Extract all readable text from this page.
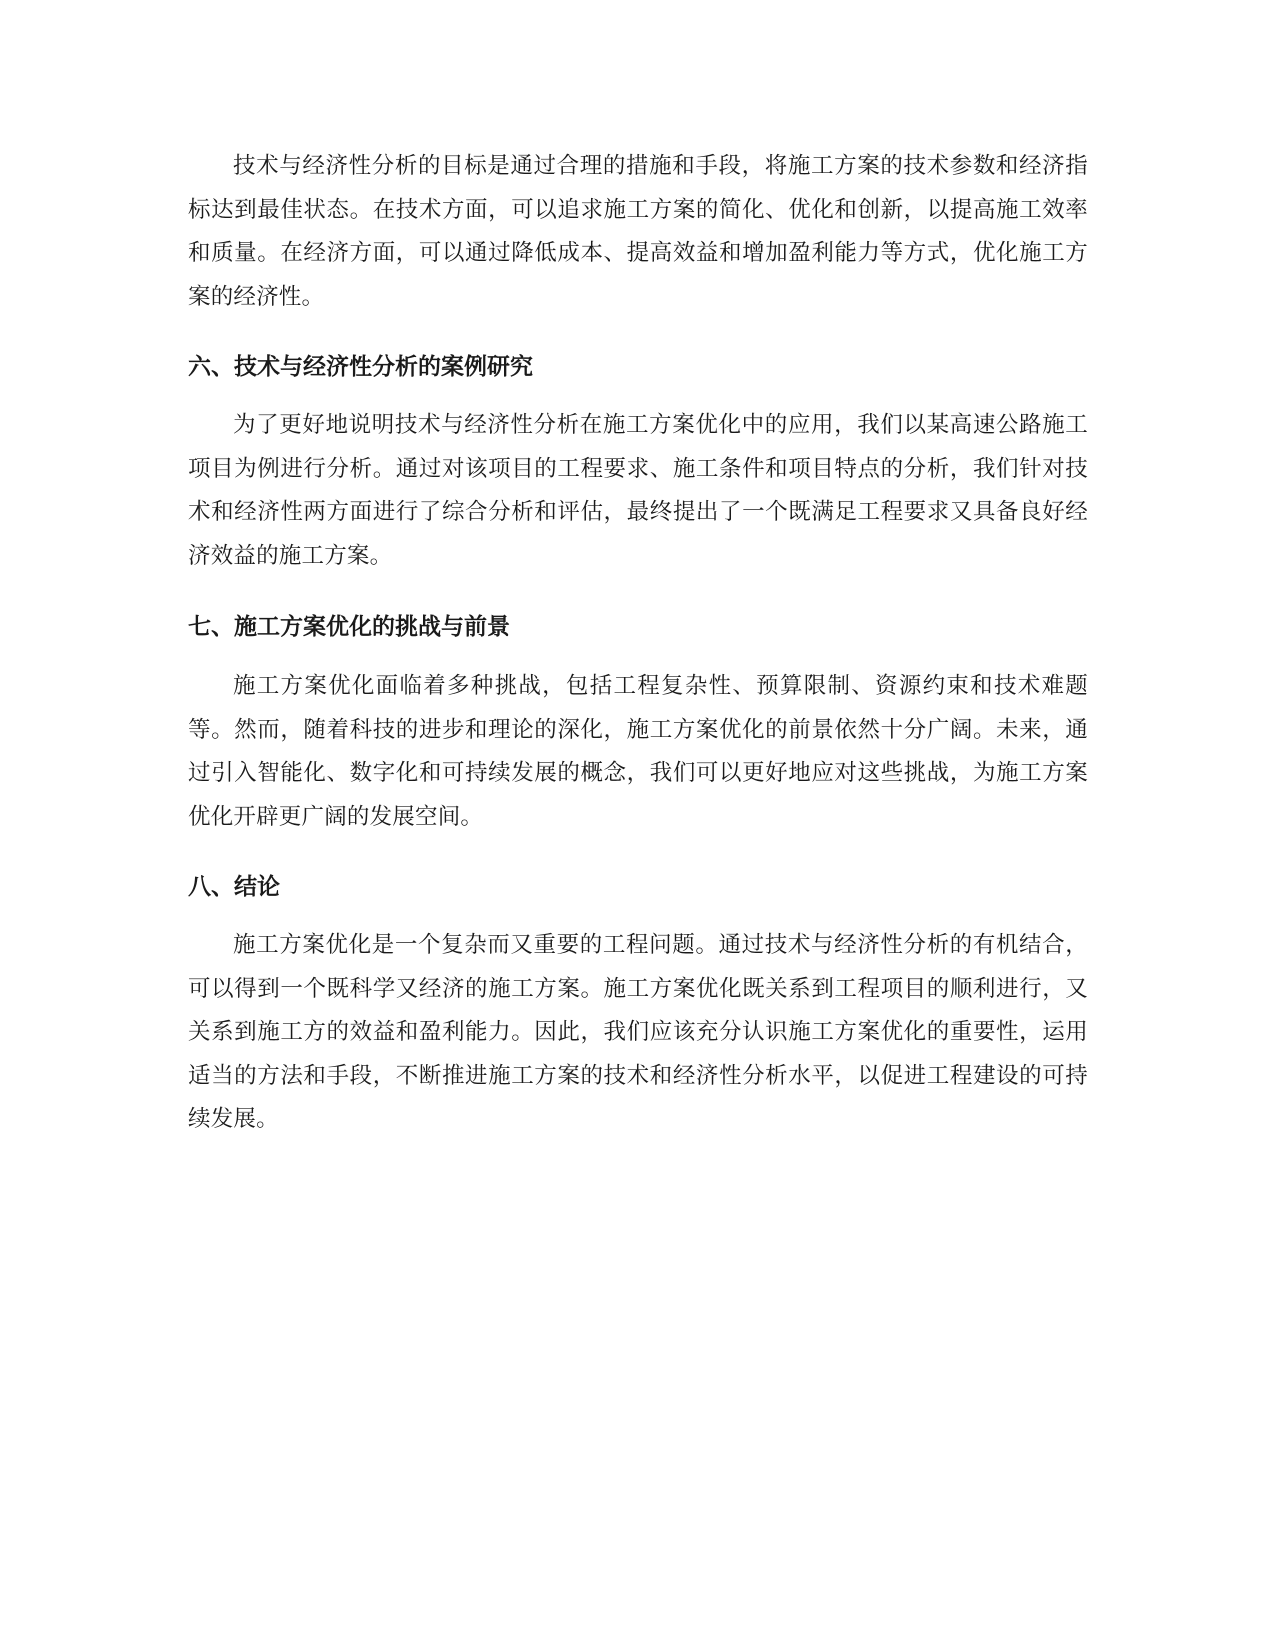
技术与经济性分析的目标是通过合理的措施和手段，将施工方案的技术参数和经济指标达到最佳状态。在技术方面，可以追求施工方案的简化、优化和创新，以提高施工效率和质量。在经济方面，可以通过降低成本、提高效益和增加盈利能力等方式，优化施工方案的经济性。

六、技术与经济性分析的案例研究

为了更好地说明技术与经济性分析在施工方案优化中的应用，我们以某高速公路施工项目为例进行分析。通过对该项目的工程要求、施工条件和项目特点的分析，我们针对技术和经济性两方面进行了综合分析和评估，最终提出了一个既满足工程要求又具备良好经济效益的施工方案。

七、施工方案优化的挑战与前景

施工方案优化面临着多种挑战，包括工程复杂性、预算限制、资源约束和技术难题等。然而，随着科技的进步和理论的深化，施工方案优化的前景依然十分广阔。未来，通过引入智能化、数字化和可持续发展的概念，我们可以更好地应对这些挑战，为施工方案优化开辟更广阔的发展空间。

八、结论

施工方案优化是一个复杂而又重要的工程问题。通过技术与经济性分析的有机结合，可以得到一个既科学又经济的施工方案。施工方案优化既关系到工程项目的顺利进行，又关系到施工方的效益和盈利能力。因此，我们应该充分认识施工方案优化的重要性，运用适当的方法和手段，不断推进施工方案的技术和经济性分析水平，以促进工程建设的可持续发展。
